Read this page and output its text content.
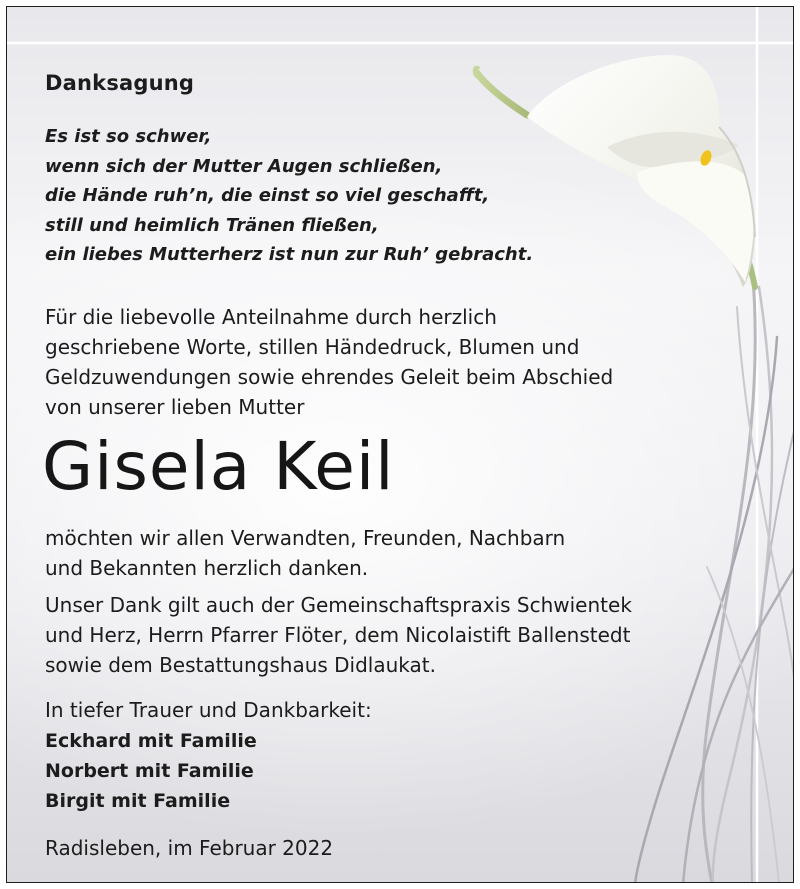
Danksagung
Es ist so schwer,
wenn sich der Mutter Augen schließen,
die Hände ruh’n, die einst so viel geschafft,
still und heimlich Tränen fließen,
ein liebes Mutterherz ist nun zur Ruh’ gebracht.
Für die liebevolle Anteilnahme durch herzlich
geschriebene Worte, stillen Händedruck, Blumen und
Geldzuwendungen sowie ehrendes Geleit beim Abschied
von unserer lieben Mutter
Gisela Keil
möchten wir allen Verwandten, Freunden, Nachbarn
und Bekannten herzlich danken.
Unser Dank gilt auch der Gemeinschaftspraxis Schwientek
und Herz, Herrn Pfarrer Flöter, dem Nicolaistift Ballenstedt
sowie dem Bestattungshaus Didlaukat.
In tiefer Trauer und Dankbarkeit:
Eckhard mit Familie
Norbert mit Familie
Birgit mit Familie
Radisleben, im Februar 2022
